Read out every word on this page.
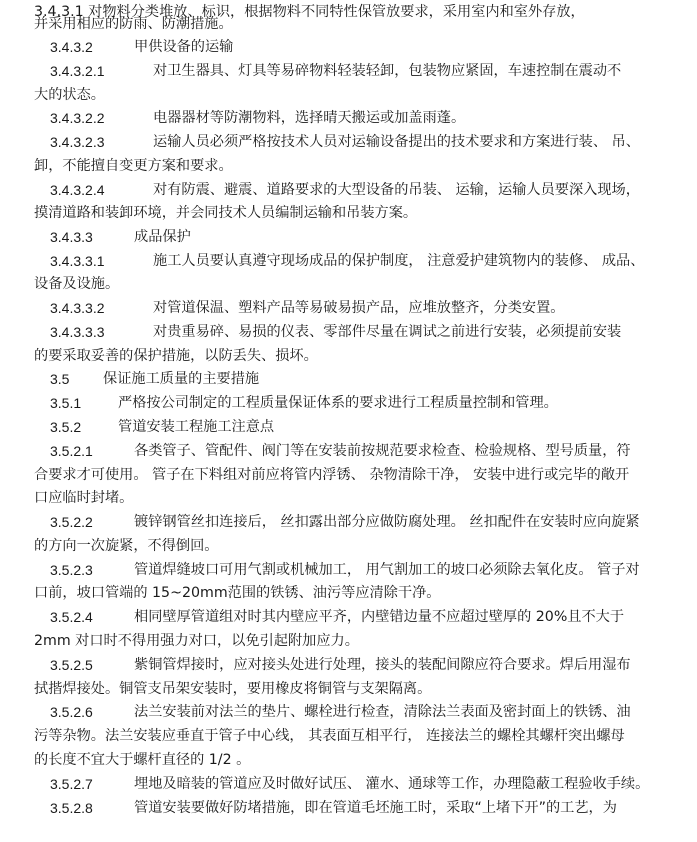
3.4.3.1 对物料分类堆放、标识，根据物料不同特性保管放要求，采用室内和室外存放，
并采用相应的防雨、防潮措施。
3.4.3.2	甲供设备的运输
3.4.3.2.1	对卫生器具、灯具等易碎物料轻装轻卸，包装物应紧固，车速控制在震动不
大的状态。
3.4.3.2.2	电器器材等防潮物料，选择晴天搬运或加盖雨蓬。
3.4.3.2.3	运输人员必须严格按技术人员对运输设备提出的技术要求和方案进行装、 吊、
卸，不能擅自变更方案和要求。
3.4.3.2.4	对有防震、避震、道路要求的大型设备的吊装、 运输，运输人员要深入现场，
摸清道路和装卸环境，并会同技术人员编制运输和吊装方案。
3.4.3.3	成品保护
3.4.3.3.1	施工人员要认真遵守现场成品的保护制度， 注意爱护建筑物内的装修、 成品、
设备及设施。
3.4.3.3.2	对管道保温、塑料产品等易破易损产品，应堆放整齐，分类安置。
3.4.3.3.3	对贵重易碎、易损的仪表、零部件尽量在调试之前进行安装，必须提前安装
的要采取妥善的保护措施，以防丢失、损坏。
3.5 保证施工质量的主要措施
3.5.1	严格按公司制定的工程质量保证体系的要求进行工程质量控制和管理。
3.5.2	管道安装工程施工注意点
3.5.2.1	各类管子、管配件、阀门等在安装前按规范要求检查、检验规格、型号质量，符
合要求才可使用。 管子在下料组对前应将管内浮锈、 杂物清除干净， 安装中进行或完毕的敞开
口应临时封堵。
3.5.2.2	镀锌钢管丝扣连接后， 丝扣露出部分应做防腐处理。 丝扣配件在安装时应向旋紧
的方向一次旋紧，不得倒回。
3.5.2.3	管道焊缝坡口可用气割或机械加工， 用气割加工的坡口必须除去氧化皮。 管子对
口前，坡口管端的 15~20mm范围的铁锈、油污等应清除干净。
3.5.2.4	相同壁厚管道组对时其内壁应平齐，内壁错边量不应超过壁厚的 20%且不大于
2mm 对口时不得用强力对口，以免引起附加应力。
3.5.2.5	紫铜管焊接时，应对接头处进行处理，接头的装配间隙应符合要求。焊后用湿布
拭揩焊接处。铜管支吊架安装时，要用橡皮将铜管与支架隔离。
3.5.2.6	法兰安装前对法兰的垫片、螺栓进行检查，清除法兰表面及密封面上的铁锈、油
污等杂物。法兰安装应垂直于管子中心线， 其表面互相平行， 连接法兰的螺栓其螺杆突出螺母
的长度不宜大于螺杆直径的 1/2 。
3.5.2.7	埋地及暗装的管道应及时做好试压、 灌水、通球等工作，办理隐蔽工程验收手续。
3.5.2.8	管道安装要做好防堵措施，即在管道毛坯施工时，采取“上堵下开”的工艺，为
